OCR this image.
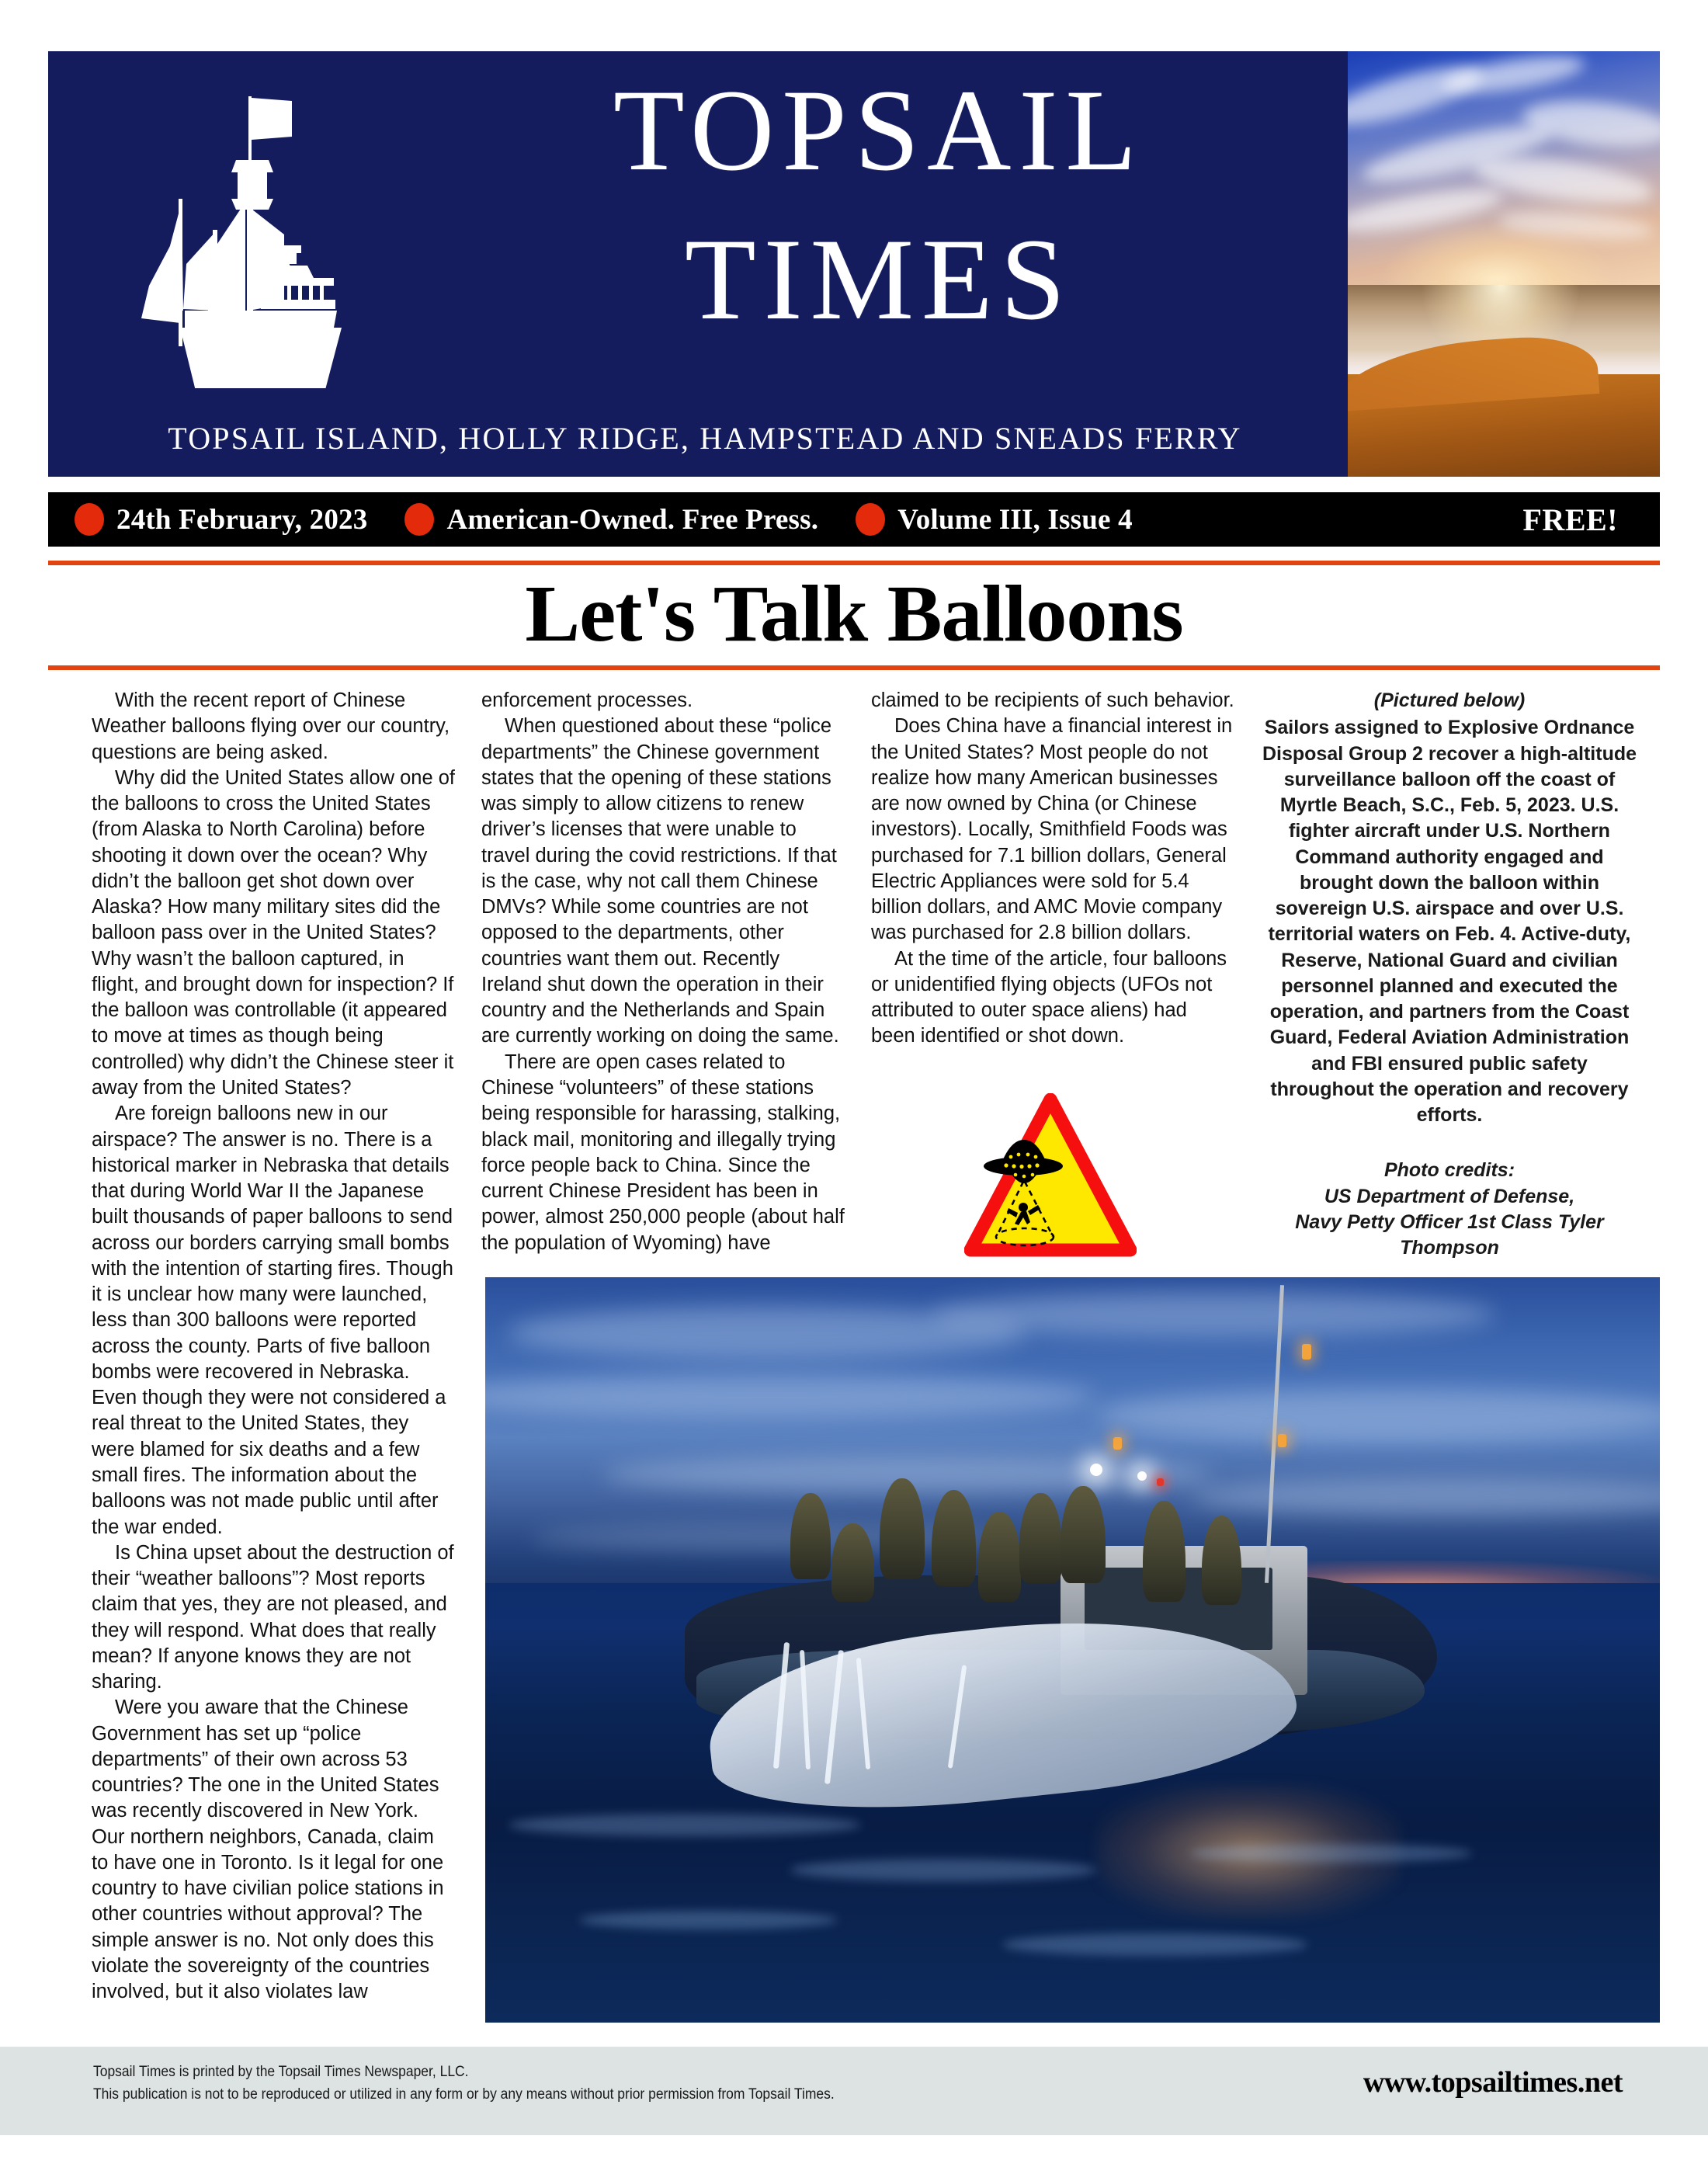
TOPSAIL
TIMES
TOPSAIL ISLAND, HOLLY RIDGE, HAMPSTEAD AND SNEADS FERRY
24th February, 2023	American-Owned. Free Press.	Volume III, Issue 4	FREE!
Let's Talk Balloons

With the recent report of Chinese Weather balloons flying over our country, questions are being asked.

Why did the United States allow one of the balloons to cross the United States (from Alaska to North Carolina) before shooting it down over the ocean? Why didn’t the balloon get shot down over Alaska? How many military sites did the balloon pass over in the United States? Why wasn’t the balloon captured, in flight, and brought down for inspection? If the balloon was controllable (it appeared to move at times as though being controlled) why didn’t the Chinese steer it away from the United States?

Are foreign balloons new in our airspace? The answer is no. There is a historical marker in Nebraska that details that during World War II the Japanese built thousands of paper balloons to send across our borders carrying small bombs with the intention of starting fires. Though it is unclear how many were launched, less than 300 balloons were reported across the county. Parts of five balloon bombs were recovered in Nebraska. Even though they were not considered a real threat to the United States, they were blamed for six deaths and a few small fires. The information about the balloons was not made public until after the war ended.

Is China upset about the destruction of their “weather balloons”? Most reports claim that yes, they are not pleased, and they will respond. What does that really mean? If anyone knows they are not sharing.

Were you aware that the Chinese Government has set up “police departments” of their own across 53 countries? The one in the United States was recently discovered in New York. Our northern neighbors, Canada, claim to have one in Toronto. Is it legal for one country to have civilian police stations in other countries without approval? The simple answer is no. Not only does this violate the sovereignty of the countries involved, but it also violates law

enforcement processes.

When questioned about these “police departments” the Chinese government states that the opening of these stations was simply to allow citizens to renew driver’s licenses that were unable to travel during the covid restrictions. If that is the case, why not call them Chinese DMVs? While some countries are not opposed to the departments, other countries want them out. Recently Ireland shut down the operation in their country and the Netherlands and Spain are currently working on doing the same.

There are open cases related to Chinese “volunteers” of these stations being responsible for harassing, stalking, black mail, monitoring and illegally trying force people back to China. Since the current Chinese President has been in power, almost 250,000 people (about half the population of Wyoming) have

claimed to be recipients of such behavior.

Does China have a financial interest in the United States? Most people do not realize how many American businesses are now owned by China (or Chinese investors). Locally, Smithfield Foods was purchased for 7.1 billion dollars, General Electric Appliances were sold for 5.4 billion dollars, and AMC Movie company was purchased for 2.8 billion dollars.

At the time of the article, four balloons or unidentified flying objects (UFOs not attributed to outer space aliens) had been identified or shot down.

(Pictured below)
Sailors assigned to Explosive Ordnance Disposal Group 2 recover a high-altitude surveillance balloon off the coast of Myrtle Beach, S.C., Feb. 5, 2023. U.S. fighter aircraft under U.S. Northern Command authority engaged and brought down the balloon within sovereign U.S. airspace and over U.S. territorial waters on Feb. 4. Active-duty, Reserve, National Guard and civilian personnel planned and executed the operation, and partners from the Coast Guard, Federal Aviation Administration and FBI ensured public safety throughout the operation and recovery efforts.
Photo credits:
US Department of Defense,
Navy Petty Officer 1st Class Tyler
Thompson
Topsail Times is printed by the Topsail Times Newspaper, LLC.
This publication is not to be reproduced or utilized in any form or by any means without prior permission from Topsail Times.	www.topsailtimes.net
